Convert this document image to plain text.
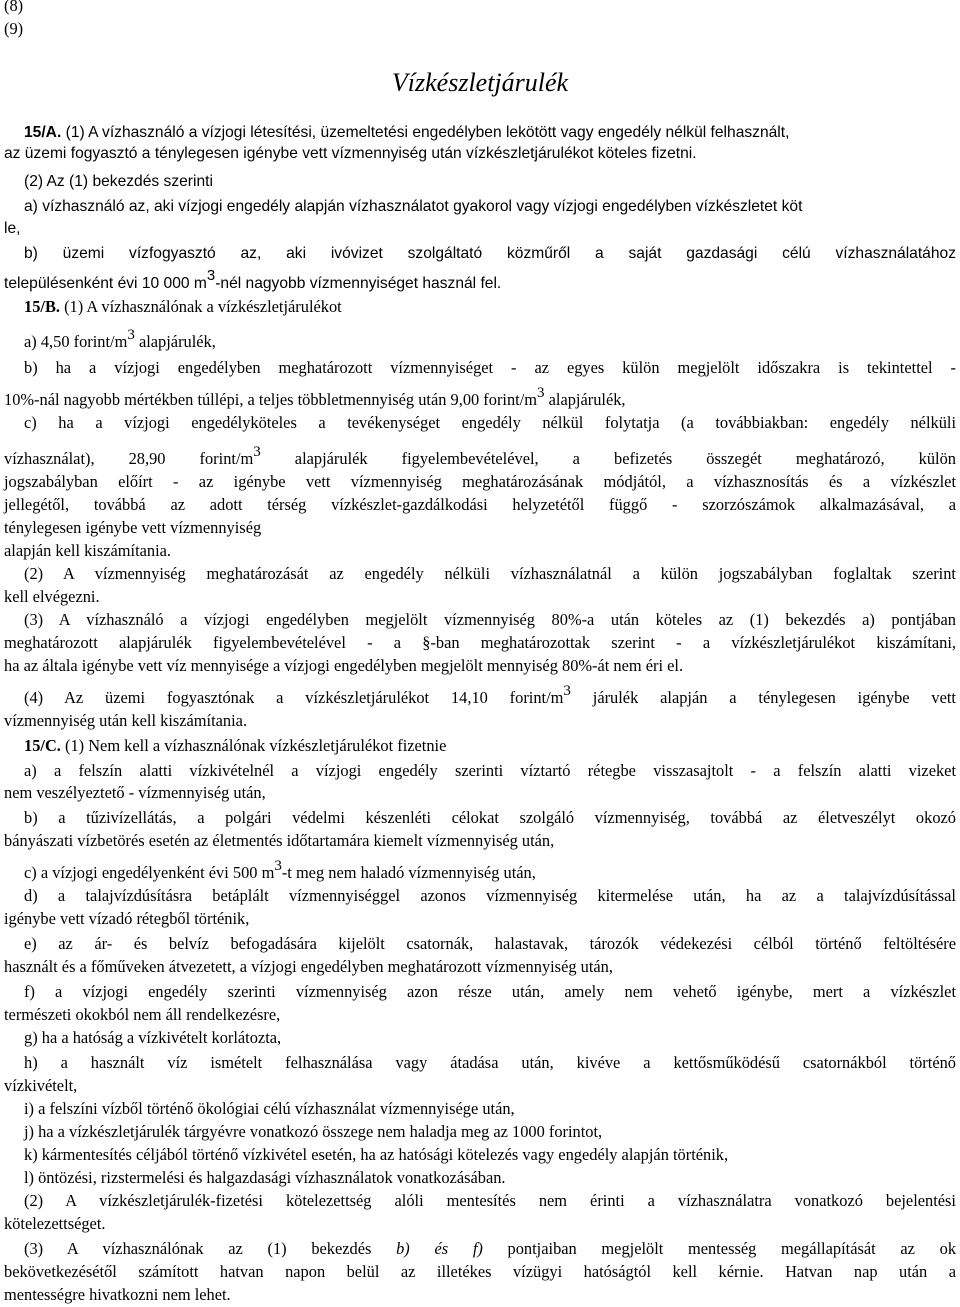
(8)

(9)

Vízkészletjárulék

15/A. (1) A vízhasználó a vízjogi létesítési, üzemeltetési engedélyben lekötött vagy engedély nélkül felhasznált,

az üzemi fogyasztó a ténylegesen igénybe vett vízmennyiség után vízkészletjárulékot köteles fizetni.

(2) Az (1) bekezdés szerinti

a) vízhasználó az, aki vízjogi engedély alapján vízhasználatot gyakorol vagy vízjogi engedélyben vízkészletet köt

le,

b) üzemi vízfogyasztó az, aki ivóvizet szolgáltató közműről a saját gazdasági célú vízhasználatához

településenként évi 10 000 $m^3$-nél nagyobb vízmennyiséget használ fel.

15/B. (1) A vízhasználónak a vízkészletjárulékot

a) 4,50 forint/$m^3$ alapjárulék,

b) ha a vízjogi engedélyben meghatározott vízmennyiséget - az egyes külön megjelölt időszakra is tekintettel -

10%-nál nagyobb mértékben túllépi, a teljes többletmennyiség után 9,00 forint/$m^3$ alapjárulék,

c) ha a vízjogi engedélyköteles a tevékenységet engedély nélkül folytatja (a továbbiakban: engedély nélküli

vízhasználat), 28,90 forint/$m^3$ alapjárulék figyelembevételével, a befizetés összegét meghatározó, külön

jogszabályban előírt - az igénybe vett vízmennyiség meghatározásának módjától, a vízhasznosítás és a vízkészlet

jellegétől, továbbá az adott térség vízkészlet-gazdálkodási helyzetétől függő - szorzószámok alkalmazásával, a

ténylegesen igénybe vett vízmennyiség

alapján kell kiszámítania.

(2) A vízmennyiség meghatározását az engedély nélküli vízhasználatnál a külön jogszabályban foglaltak szerint

kell elvégezni.

(3) A vízhasználó a vízjogi engedélyben megjelölt vízmennyiség 80%-a után köteles az (1) bekezdés a) pontjában

meghatározott alapjárulék figyelembevételével - a §-ban meghatározottak szerint - a vízkészletjárulékot kiszámítani,

ha az általa igénybe vett víz mennyisége a vízjogi engedélyben megjelölt mennyiség 80%-át nem éri el.

(4) Az üzemi fogyasztónak a vízkészletjárulékot 14,10 forint/$m^3$ járulék alapján a ténylegesen igénybe vett

vízmennyiség után kell kiszámítania.

15/C. (1) Nem kell a vízhasználónak vízkészletjárulékot fizetnie

a) a felszín alatti vízkivételnél a vízjogi engedély szerinti víztartó rétegbe visszasajtolt - a felszín alatti vizeket

nem veszélyeztető - vízmennyiség után,

b) a tűzivízellátás, a polgári védelmi készenléti célokat szolgáló vízmennyiség, továbbá az életveszélyt okozó

bányászati vízbetörés esetén az életmentés időtartamára kiemelt vízmennyiség után,

c) a vízjogi engedélyenként évi 500 $m^3-t$ meg nem haladó vízmennyiség után,

d) a talajvízdúsításra betáplált vízmennyiséggel azonos vízmennyiség kitermelése után, ha az a talajvízdúsítással

igénybe vett vízadó rétegből történik,

e) az ár- és belvíz befogadására kijelölt csatornák, halastavak, tározók védekezési célból történő feltöltésére

használt és a főműveken átvezetett, a vízjogi engedélyben meghatározott vízmennyiség után,

f) a vízjogi engedély szerinti vízmennyiség azon része után, amely nem vehető igénybe, mert a vízkészlet

természeti okokból nem áll rendelkezésre,

g) ha a hatóság a vízkivételt korlátozta,

h) a használt víz ismételt felhasználása vagy átadása után, kivéve a kettősműködésű csatornákból történő

vízkivételt,

i) a felszíni vízből történő ökológiai célú vízhasználat vízmennyisége után,

j) ha a vízkészletjárulék tárgyévre vonatkozó összege nem haladja meg az 1000 forintot,

k) kármentesítés céljából történő vízkivétel esetén, ha az hatósági kötelezés vagy engedély alapján történik,

l) öntözési, rizstermelési és halgazdasági vízhasználatok vonatkozásában.

(2) A vízkészletjárulék-fizetési kötelezettség alóli mentesítés nem érinti a vízhasználatra vonatkozó bejelentési

kötelezettséget.

(3) A vízhasználónak az (1) bekezdés b) és f) pontjaiban megjelölt mentesség megállapítását az ok

bekövetkezésétől számított hatvan napon belül az illetékes vízügyi hatóságtól kell kérnie. Hatvan nap után a

mentességre hivatkozni nem lehet.
